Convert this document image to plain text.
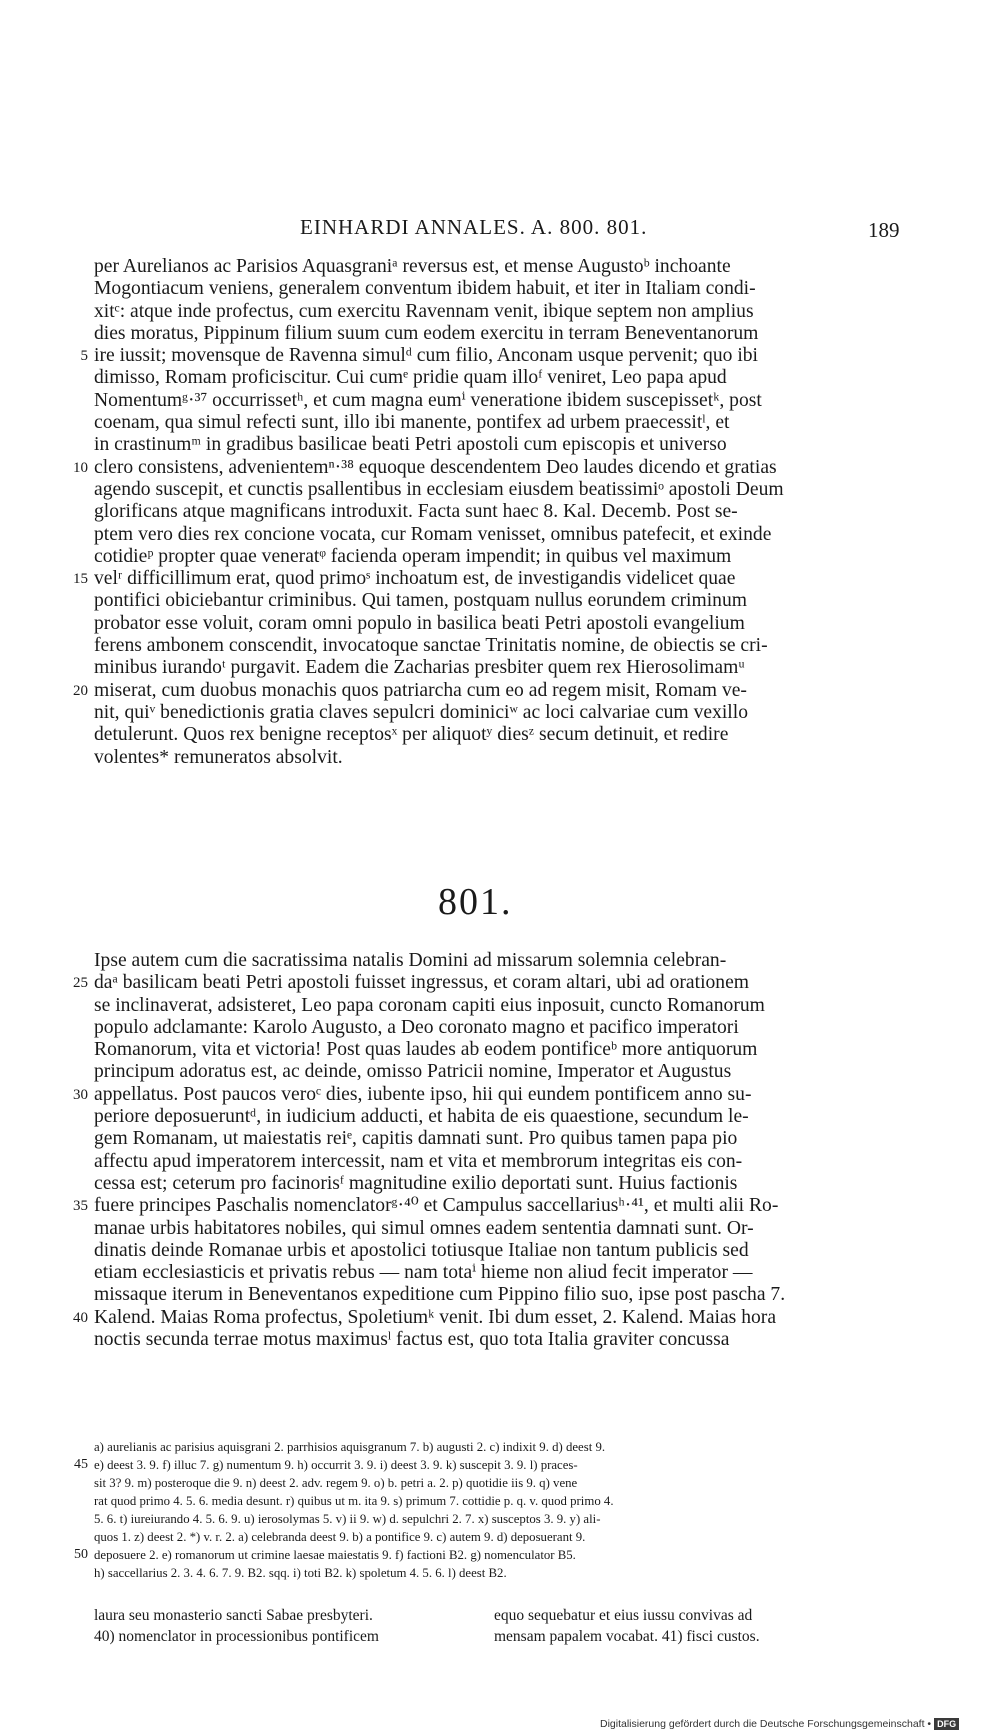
EINHARDI ANNALES. A. 800. 801.	189
per Aurelianos ac Parisios Aquasgraniᵃ reversus est, et mense Augustoᵇ inchoante
Mogontiacum veniens, generalem conventum ibidem habuit, et iter in Italiam condi-
xitᶜ: atque inde profectus, cum exercitu Ravennam venit, ibique septem non amplius
dies moratus, Pippinum filium suum cum eodem exercitu in terram Beneventanorum
5 ire iussit; movensque de Ravenna simulᵈ cum filio, Anconam usque pervenit; quo ibi
dimisso, Romam proficiscitur. Cui cumᵉ pridie quam illoᶠ veniret, Leo papa apud
Nomentumᵍ·³⁷ occurrissetʰ, et cum magna eumⁱ veneratione ibidem suscepissetᵏ, post
coenam, qua simul refecti sunt, illo ibi manente, pontifex ad urbem praecessitˡ, et
in crastinumᵐ in gradibus basilicae beati Petri apostoli cum episcopis et universo
10 clero consistens, advenientemⁿ·³⁸ equoque descendentem Deo laudes dicendo et gratias
agendo suscepit, et cunctis psallentibus in ecclesiam eiusdem beatissimiᵒ apostoli Deum
glorificans atque magnificans introduxit. Facta sunt haec 8. Kal. Decemb. Post se-
ptem vero dies rex concione vocata, cur Romam venisset, omnibus patefecit, et exinde
cotidieᵖ propter quae veneratᵠ facienda operam impendit; in quibus vel maximum
15 velʳ difficillimum erat, quod primoˢ inchoatum est, de investigandis videlicet quae
pontifici obiciebantur criminibus. Qui tamen, postquam nullus eorundem criminum
probator esse voluit, coram omni populo in basilica beati Petri apostoli evangelium
ferens ambonem conscendit, invocatoque sanctae Trinitatis nomine, de obiectis se cri-
minibus iurandoᵗ purgavit. Eadem die Zacharias presbiter quem rex Hierosolimamᵘ
20 miserat, cum duobus monachis quos patriarcha cum eo ad regem misit, Romam ve-
nit, quiᵛ benedictionis gratia claves sepulcri dominiciʷ ac loci calvariae cum vexillo
detulerunt. Quos rex benigne receptosˣ per aliquotʸ diesᶻ secum detinuit, et redire
volentes* remuneratos absolvit.
801.
Ipse autem cum die sacratissima natalis Domini ad missarum solemnia celebran-
25 daᵃ basilicam beati Petri apostoli fuisset ingressus, et coram altari, ubi ad orationem
se inclinaverat, adsisteret, Leo papa coronam capiti eius inposuit, cuncto Romanorum
populo adclamante: Karolo Augusto, a Deo coronato magno et pacifico imperatori
Romanorum, vita et victoria! Post quas laudes ab eodem pontificeᵇ more antiquorum
principum adoratus est, ac deinde, omisso Patricii nomine, Imperator et Augustus
30 appellatus. Post paucos veroᶜ dies, iubente ipso, hii qui eundem pontificem anno su-
periore deposueruntᵈ, in iudicium adducti, et habita de eis quaestione, secundum le-
gem Romanam, ut maiestatis reiᵉ, capitis damnati sunt. Pro quibus tamen papa pio
affectu apud imperatorem intercessit, nam et vita et membrorum integritas eis con-
cessa est; ceterum pro facinorisᶠ magnitudine exilio deportati sunt. Huius factionis
35 fuere principes Paschalis nomenclatorᵍ·⁴⁰ et Campulus saccellariusʰ·⁴¹, et multi alii Ro-
manae urbis habitatores nobiles, qui simul omnes eadem sententia damnati sunt. Or-
dinatis deinde Romanae urbis et apostolici totiusque Italiae non tantum publicis sed
etiam ecclesiasticis et privatis rebus — nam totaⁱ hieme non aliud fecit imperator —
missaque iterum in Beneventanos expeditione cum Pippino filio suo, ipse post pascha 7.
40 Kalend. Maias Roma profectus, Spoletiumᵏ venit. Ibi dum esset, 2. Kalend. Maias hora
noctis secunda terrae motus maximusˡ factus est, quo tota Italia graviter concussa
a) aurelianis ac parisius aquisgrani 2. parrhisios aquisgranum 7. b) augusti 2. c) indixit 9. d) deest 9.
45 e) deest 3. 9. f) illuc 7. g) numentum 9. h) occurrit 3. 9. i) deest 3. 9. k) suscepit 3. 9. l) praces-
sit 3? 9. m) posteroque die 9. n) deest 2. adv. regem 9. o) b. petri a. 2. p) quotidie iis 9. q) vene
rat quod primo 4. 5. 6. media desunt. r) quibus ut m. ita 9. s) primum 7. cottidie p. q. v. quod primo 4.
5. 6. t) iureiurando 4. 5. 6. 9. u) ierosolymas 5. v) ii 9. w) d. sepulchri 2. 7. x) susceptos 3. 9. y) ali-
quos 1. z) deest 2. *) v. r. 2. a) celebranda deest 9. b) a pontifice 9. c) autem 9. d) deposuerant 9.
50 deposuere 2. e) romanorum ut crimine laesae maiestatis 9. f) factioni B2. g) nomenculator B5.
h) saccellarius 2. 3. 4. 6. 7. 9. B2. sqq. i) toti B2. k) spoletum 4. 5. 6. l) deest B2.
laura seu monasterio sancti Sabae presbyteri.	equo sequebatur et eius iussu convivas ad
40) nomenclator in processionibus pontificem	mensam papalem vocabat. 41) fisci custos.
Digitalisierung gefördert durch die Deutsche Forschungsgemeinschaft • DFG
